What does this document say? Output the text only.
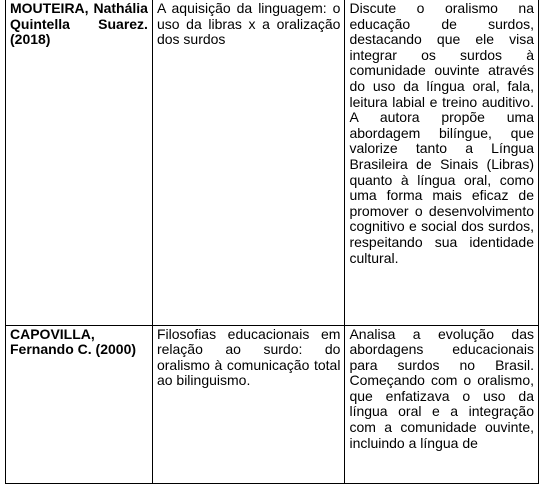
MOUTEIRA, Nathália Quintella Suarez. (2018)	A aquisição da linguagem: o uso da libras x a oralização dos surdos	Discute o oralismo na educação de surdos, destacando que ele visa integrar os surdos à comunidade ouvinte através do uso da língua oral, fala, leitura labial e treino auditivo. A autora propõe uma abordagem bilíngue, que valorize tanto a Língua Brasileira de Sinais (Libras) quanto à língua oral, como uma forma mais eficaz de promover o desenvolvimento cognitivo e social dos surdos, respeitando sua identidade cultural.
CAPOVILLA, Fernando C. (2000)	Filosofias educacionais em relação ao surdo: do oralismo à comunicação total ao bilinguismo.	Analisa a evolução das abordagens educacionais para surdos no Brasil. Começando com o oralismo, que enfatizava o uso da língua oral e a integração com a comunidade ouvinte, incluindo a língua de
